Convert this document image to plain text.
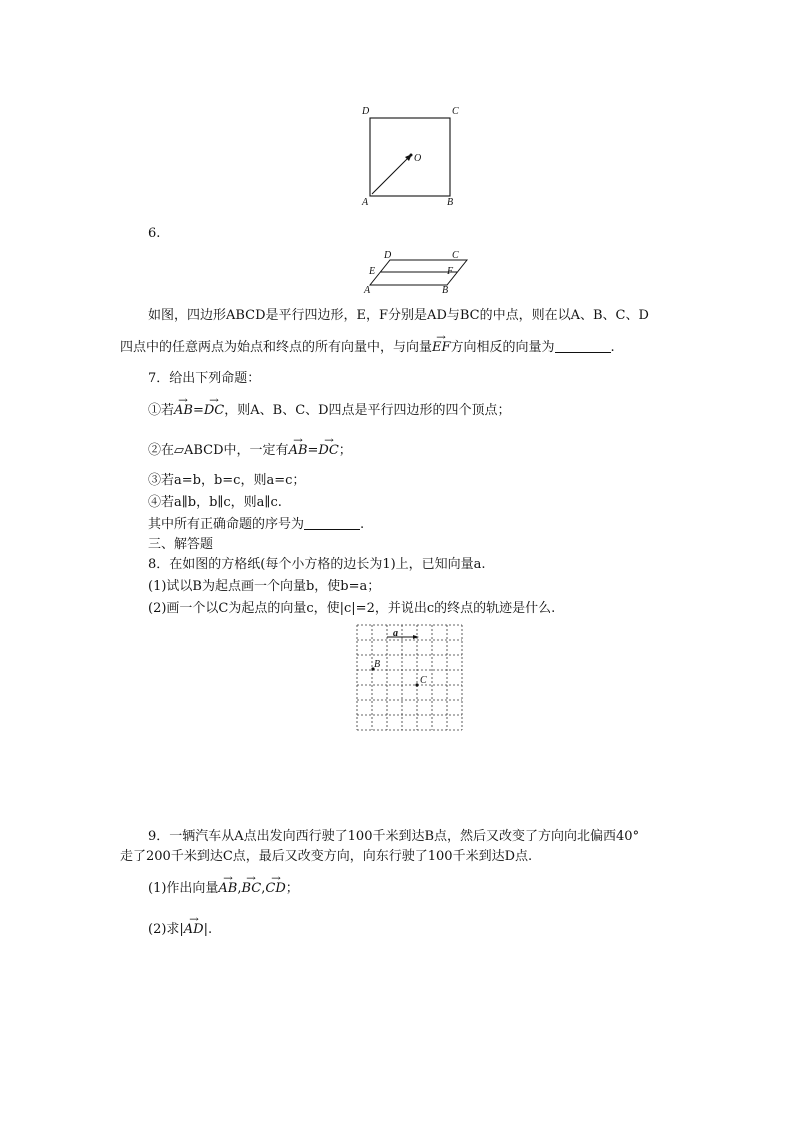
D	C
O
A	B
6.
D	C
E	F
A	B
如图，四边形ABCD是平行四边形，E，F分别是AD与BC的中点，则在以A、B、C、D
四点中的任意两点为始点和终点的所有向量中，与向量→ EF方向相反的向量为	.
7．给出下列命题：
①若→ AB=→ DC，则A、B、C、D四点是平行四边形的四个顶点；
②在▱ABCD中，一定有→ AB=→ DC；
③若a=b，b=c，则a=c；
④若a∥b，b∥c，则a∥c.
其中所有正确命题的序号为	.
三、解答题
8．在如图的方格纸(每个小方格的边长为1)上，已知向量a.
(1)试以B为起点画一个向量b，使b=a；
(2)画一个以C为起点的向量c，使|c|=2，并说出c的终点的轨迹是什么.
a
B
C
9．一辆汽车从A点出发向西行驶了100千米到达B点，然后又改变了方向向北偏西40°
走了200千米到达C点，最后又改变方向，向东行驶了100千米到达D点.
(1)作出向量→ AB,→ BC,→ CD；
(2)求|→ AD|.
